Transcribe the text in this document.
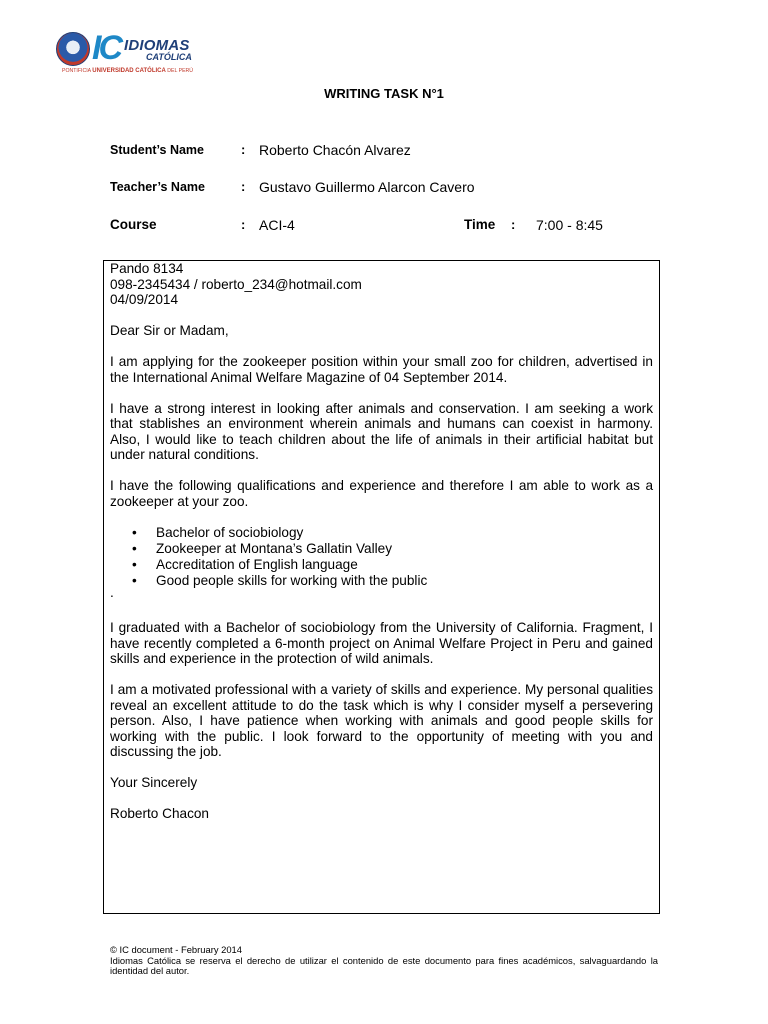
IC IDIOMAS
CATÓLICA
PONTIFICIA UNIVERSIDAD CATÓLICA DEL PERÚ
WRITING TASK N°1
Student’s Name	: Roberto Chacón Alvarez
Teacher’s Name	: Gustavo Guillermo Alarcon Cavero
Course	: ACI-4	Time : 7:00 - 8:45

Pando 8134

098-2345434 / roberto_234@hotmail.com

04/09/2014

Dear Sir or Madam,

I am applying for the zookeeper position within your small zoo for children, advertised in the International Animal Welfare Magazine of 04 September 2014.

I have a strong interest in looking after animals and conservation. I am seeking a work that stablishes an environment wherein animals and humans can coexist in harmony. Also, I would like to teach children about the life of animals in their artificial habitat but under natural conditions.

I have the following qualifications and experience and therefore I am able to work as a zookeeper at your zoo.

• Bachelor of sociobiology
• Zookeeper at Montana’s Gallatin Valley
• Accreditation of English language
• Good people skills for working with the public

.

I graduated with a Bachelor of sociobiology from the University of California. Fragment, I have recently completed a 6-month project on Animal Welfare Project in Peru and gained skills and experience in the protection of wild animals.

I am a motivated professional with a variety of skills and experience. My personal qualities reveal an excellent attitude to do the task which is why I consider myself a persevering person. Also, I have patience when working with animals and good people skills for working with the public. I look forward to the opportunity of meeting with you and discussing the job.

Your Sincerely

Roberto Chacon

© IC document - February 2014

Idiomas Católica se reserva el derecho de utilizar el contenido de este documento para fines académicos, salvaguardando la identidad del autor.
